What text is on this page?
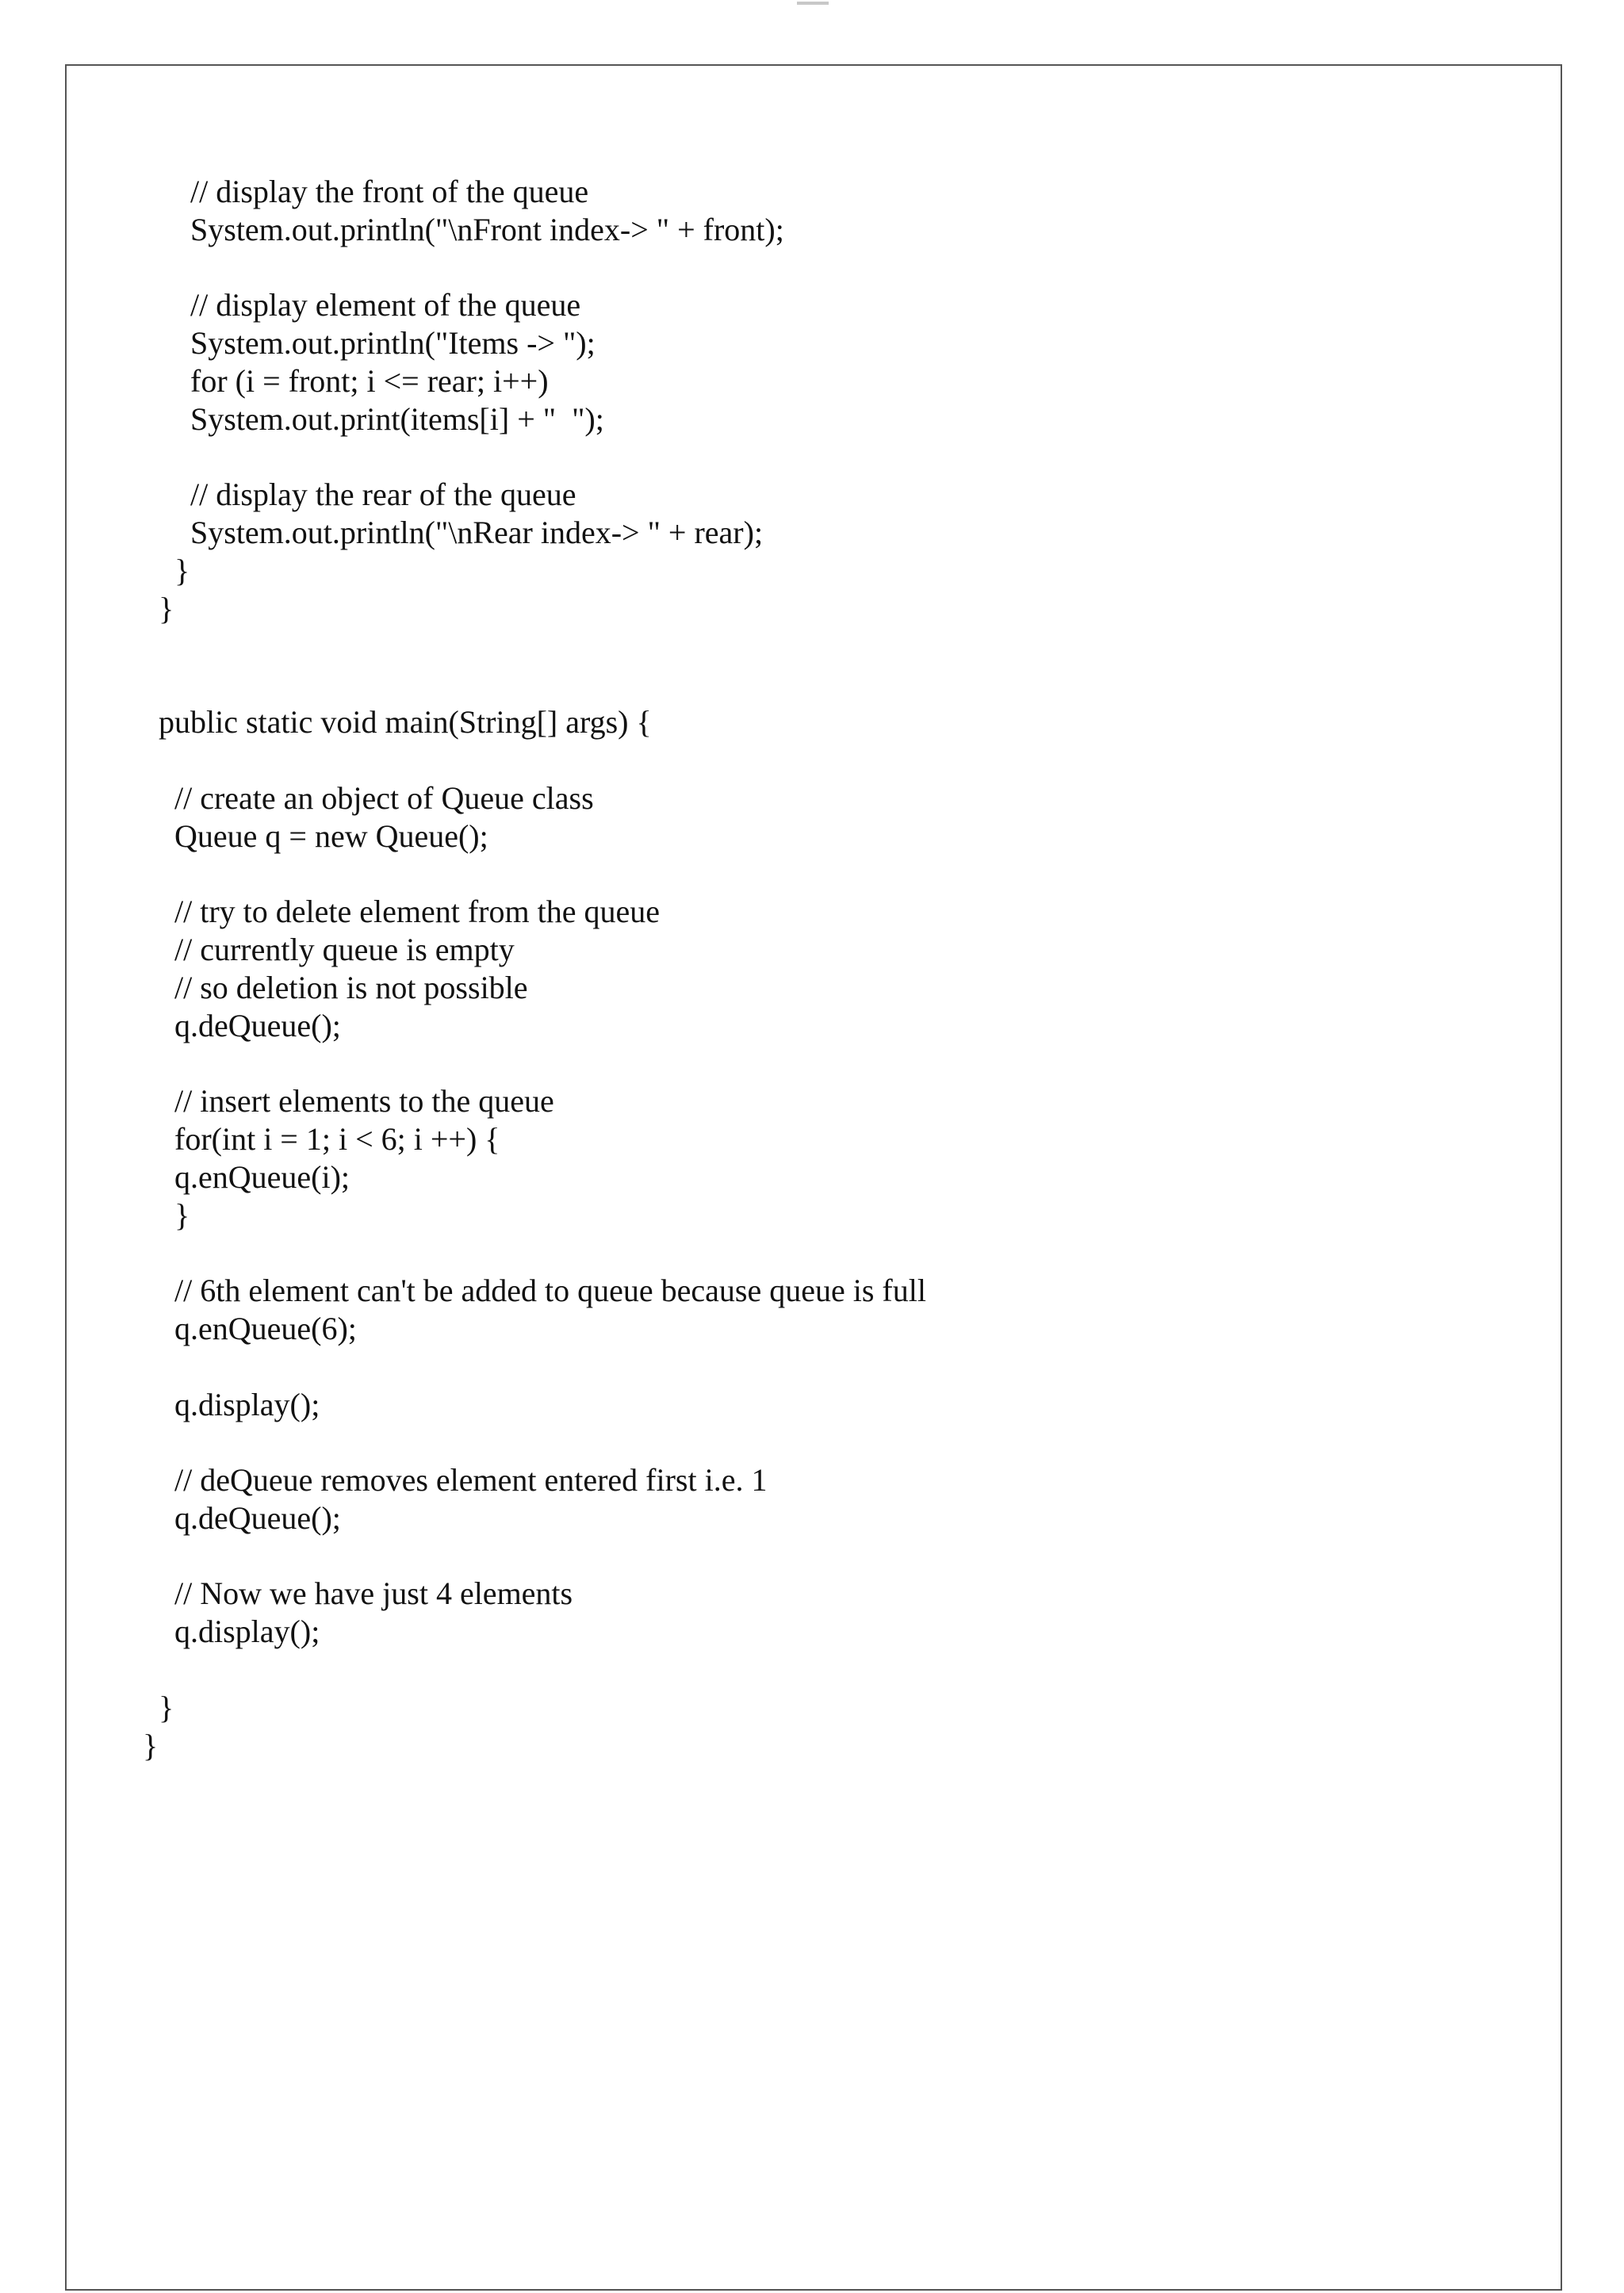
// display the front of the queue
System.out.println("\nFront index-> " + front);
// display element of the queue
System.out.println("Items -> ");
for (i = front; i <= rear; i++)
System.out.print(items[i] + "  ");
// display the rear of the queue
System.out.println("\nRear index-> " + rear);
}
}
public static void main(String[] args) {
// create an object of Queue class
Queue q = new Queue();
// try to delete element from the queue
// currently queue is empty
// so deletion is not possible
q.deQueue();
// insert elements to the queue
for(int i = 1; i < 6; i ++) {
q.enQueue(i);
}
// 6th element can't be added to queue because queue is full
q.enQueue(6);
q.display();
// deQueue removes element entered first i.e. 1
q.deQueue();
// Now we have just 4 elements
q.display();
}
}
